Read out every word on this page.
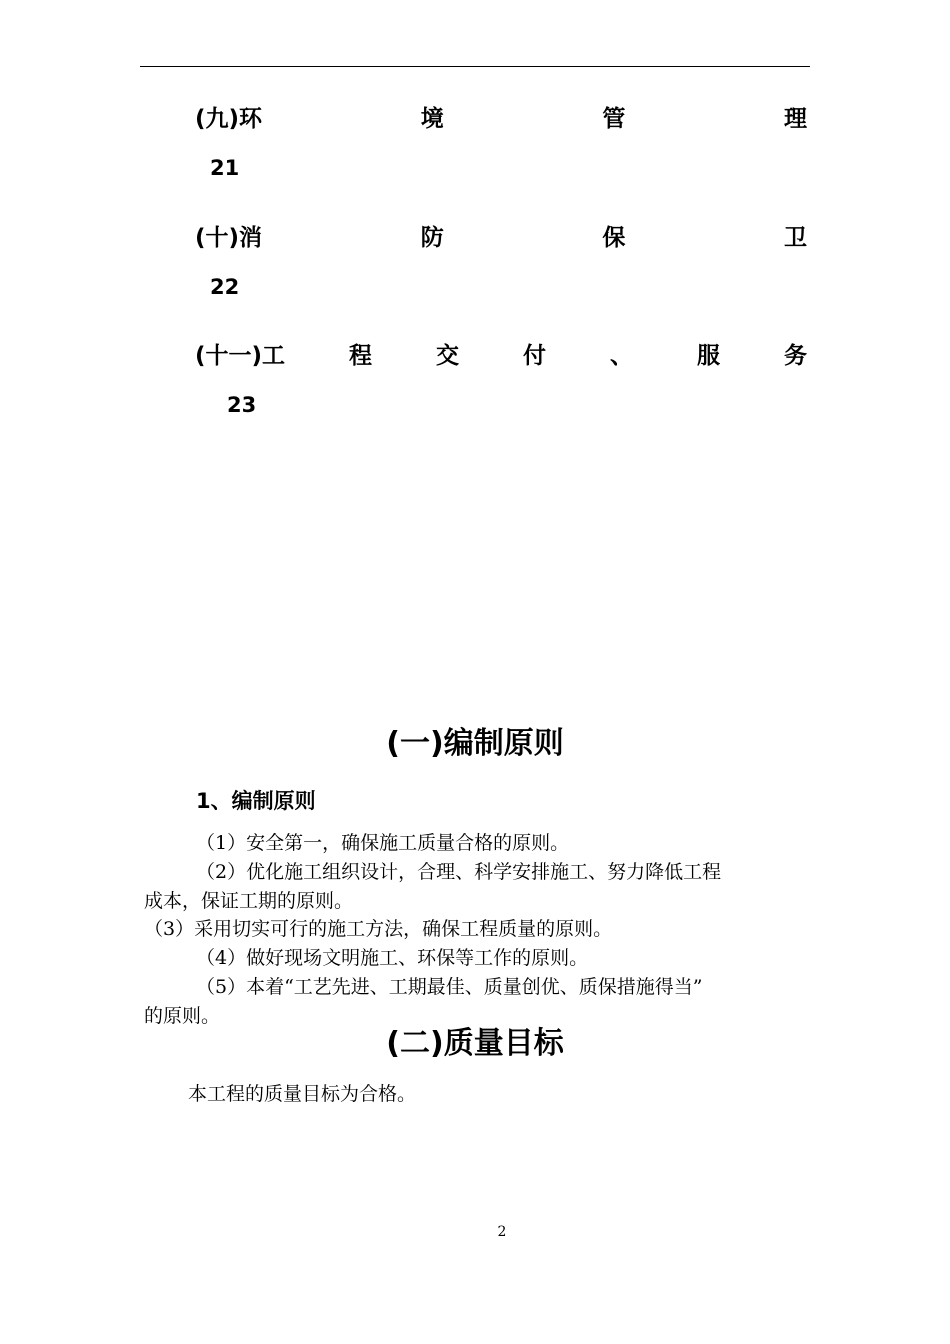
(九)环	境	管	理
21
(十)消	防	保	卫
22
(十一)工	程	交	付	、	服	务
23
(一)编制原则
1、编制原则
（1）安全第一，确保施工质量合格的原则。
（2）优化施工组织设计，合理、科学安排施工、努力降低工程
成本，保证工期的原则。
（3）采用切实可行的施工方法，确保工程质量的原则。
（4）做好现场文明施工、环保等工作的原则。
（5）本着“工艺先进、工期最佳、质量创优、质保措施得当”
的原则。
(二)质量目标
本工程的质量目标为合格。
2
